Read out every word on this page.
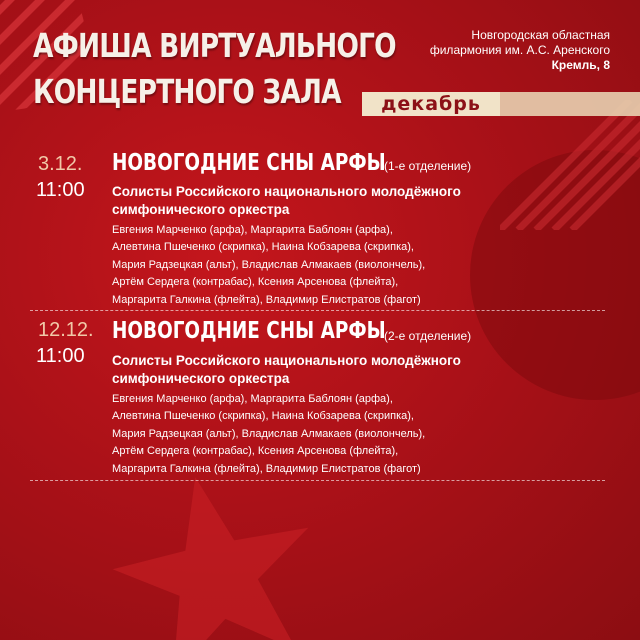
АФИША ВИРТУАЛЬНОГО
КОНЦЕРТНОГО ЗАЛА	декабрь
Новгородская областная
филармония им. А.С. Аренского
Кремль, 8
3.12.
11:00
НОВОГОДНИЕ СНЫ АРФЫ
(1-е отделение)
Солисты Российского национального молодёжного
симфонического оркестра
Евгения Марченко (арфа), Маргарита Баблоян (арфа),
Алевтина Пшеченко (скрипка), Наина Кобзарева (скрипка),
Мария Радзецкая (альт), Владислав Алмакаев (виолончель),
Артём Сердега (контрабас), Ксения Арсенова (флейта),
Маргарита Галкина (флейта), Владимир Елистратов (фагот)
12.12.
11:00
НОВОГОДНИЕ СНЫ АРФЫ
(2-е отделение)
Солисты Российского национального молодёжного
симфонического оркестра
Евгения Марченко (арфа), Маргарита Баблоян (арфа),
Алевтина Пшеченко (скрипка), Наина Кобзарева (скрипка),
Мария Радзецкая (альт), Владислав Алмакаев (виолончель),
Артём Сердега (контрабас), Ксения Арсенова (флейта),
Маргарита Галкина (флейта), Владимир Елистратов (фагот)
